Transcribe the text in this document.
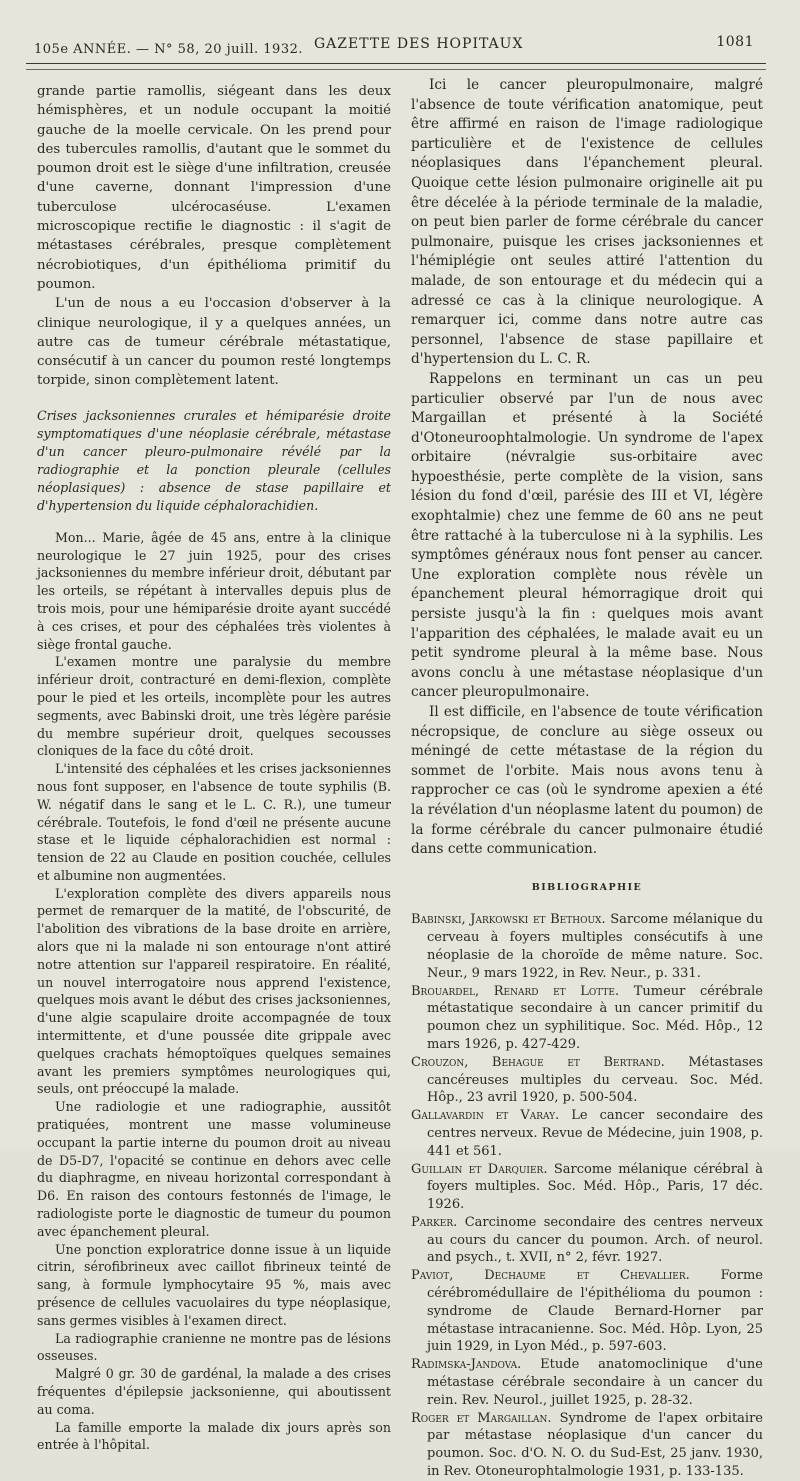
105e ANNÉE. — N° 58, 20 juill. 1932. GAZETTE DES HOPITAUX	1081

grande partie ramollis, siégeant dans les deux hémisphères, et un nodule occupant la moitié gauche de la moelle cervicale. On les prend pour des tubercules ramollis, d'autant que le sommet du poumon droit est le siège d'une infiltration, creusée d'une caverne, donnant l'impression d'une tuberculose ulcérocaséuse. L'examen microscopique rectifie le diagnostic : il s'agit de métastases cérébrales, presque complètement nécrobiotiques, d'un épithélioma primitif du poumon.

L'un de nous a eu l'occasion d'observer à la clinique neurologique, il y a quelques années, un autre cas de tumeur cérébrale métastatique, consécutif à un cancer du poumon resté longtemps torpide, sinon complètement latent.

Crises jacksoniennes crurales et hémiparésie droite symptomatiques d'une néoplasie cérébrale, métastase d'un cancer pleuro-pulmonaire révélé par la radiographie et la ponction pleurale (cellules néoplasiques) : absence de stase papillaire et d'hypertension du liquide céphalorachidien.

Mon... Marie, âgée de 45 ans, entre à la clinique neurologique le 27 juin 1925, pour des crises jacksoniennes du membre inférieur droit, débutant par les orteils, se répétant à intervalles depuis plus de trois mois, pour une hémiparésie droite ayant succédé à ces crises, et pour des céphalées très violentes à siège frontal gauche.

L'examen montre une paralysie du membre inférieur droit, contracturé en demi-flexion, complète pour le pied et les orteils, incomplète pour les autres segments, avec Babinski droit, une très légère parésie du membre supérieur droit, quelques secousses cloniques de la face du côté droit.

L'intensité des céphalées et les crises jacksoniennes nous font supposer, en l'absence de toute syphilis (B. W. négatif dans le sang et le L. C. R.), une tumeur cérébrale. Toutefois, le fond d'œil ne présente aucune stase et le liquide céphalorachidien est normal : tension de 22 au Claude en position couchée, cellules et albumine non augmentées.

L'exploration complète des divers appareils nous permet de remarquer de la matité, de l'obscurité, de l'abolition des vibrations de la base droite en arrière, alors que ni la malade ni son entourage n'ont attiré notre attention sur l'appareil respiratoire. En réalité, un nouvel interrogatoire nous apprend l'existence, quelques mois avant le début des crises jacksoniennes, d'une algie scapulaire droite accompagnée de toux intermittente, et d'une poussée dite grippale avec quelques crachats hémoptoïques quelques semaines avant les premiers symptômes neurologiques qui, seuls, ont préoccupé la malade.

Une radiologie et une radiographie, aussitôt pratiquées, montrent une masse volumineuse occupant la partie interne du poumon droit au niveau de D5-D7, l'opacité se continue en dehors avec celle du diaphragme, en niveau horizontal correspondant à D6. En raison des contours festonnés de l'image, le radiologiste porte le diagnostic de tumeur du poumon avec épanchement pleural.

Une ponction exploratrice donne issue à un liquide citrin, sérofibrineux avec caillot fibrineux teinté de sang, à formule lymphocytaire 95 %, mais avec présence de cellules vacuolaires du type néoplasique, sans germes visibles à l'examen direct.

La radiographie cranienne ne montre pas de lésions osseuses.

Malgré 0 gr. 30 de gardénal, la malade a des crises fréquentes d'épilepsie jacksonienne, qui aboutissent au coma.

La famille emporte la malade dix jours après son entrée à l'hôpital.

Ici le cancer pleuropulmonaire, malgré l'absence de toute vérification anatomique, peut être affirmé en raison de l'image radiologique particulière et de l'existence de cellules néoplasiques dans l'épanchement pleural. Quoique cette lésion pulmonaire originelle ait pu être décelée à la période terminale de la maladie, on peut bien parler de forme cérébrale du cancer pulmonaire, puisque les crises jacksoniennes et l'hémiplégie ont seules attiré l'attention du malade, de son entourage et du médecin qui a adressé ce cas à la clinique neurologique. A remarquer ici, comme dans notre autre cas personnel, l'absence de stase papillaire et d'hypertension du L. C. R.

Rappelons en terminant un cas un peu particulier observé par l'un de nous avec Margaillan et présenté à la Société d'Otoneuroophtalmologie. Un syndrome de l'apex orbitaire (névralgie sus-orbitaire avec hypoesthésie, perte complète de la vision, sans lésion du fond d'œil, parésie des III et VI, légère exophtalmie) chez une femme de 60 ans ne peut être rattaché à la tuberculose ni à la syphilis. Les symptômes généraux nous font penser au cancer. Une exploration complète nous révèle un épanchement pleural hémorragique droit qui persiste jusqu'à la fin : quelques mois avant l'apparition des céphalées, le malade avait eu un petit syndrome pleural à la même base. Nous avons conclu à une métastase néoplasique d'un cancer pleuropulmonaire.

Il est difficile, en l'absence de toute vérification nécropsique, de conclure au siège osseux ou méningé de cette métastase de la région du sommet de l'orbite. Mais nous avons tenu à rapprocher ce cas (où le syndrome apexien a été la révélation d'un néoplasme latent du poumon) de la forme cérébrale du cancer pulmonaire étudié dans cette communication.

BIBLIOGRAPHIE

Babinski, Jarkowski et Bethoux. Sarcome mélanique du cerveau à foyers multiples consécutifs à une néoplasie de la choroïde de même nature. Soc. Neur., 9 mars 1922, in Rev. Neur., p. 331.

Brouardel, Renard et Lotte. Tumeur cérébrale métastatique secondaire à un cancer primitif du poumon chez un syphilitique. Soc. Méd. Hôp., 12 mars 1926, p. 427-429.

Crouzon, Behague et Bertrand. Métastases cancéreuses multiples du cerveau. Soc. Méd. Hôp., 23 avril 1920, p. 500-504.

Gallavardin et Varay. Le cancer secondaire des centres nerveux. Revue de Médecine, juin 1908, p. 441 et 561.

Guillain et Darquier. Sarcome mélanique cérébral à foyers multiples. Soc. Méd. Hôp., Paris, 17 déc. 1926.

Parker. Carcinome secondaire des centres nerveux au cours du cancer du poumon. Arch. of neurol. and psych., t. XVII, n° 2, févr. 1927.

Paviot, Dechaume et Chevallier. Forme cérébromédullaire de l'épithélioma du poumon : syndrome de Claude Bernard-Horner par métastase intracanienne. Soc. Méd. Hôp. Lyon, 25 juin 1929, in Lyon Méd., p. 597-603.

Radimska-Jandova. Etude anatomoclinique d'une métastase cérébrale secondaire à un cancer du rein. Rev. Neurol., juillet 1925, p. 28-32.

Roger et Margaillan. Syndrome de l'apex orbitaire par métastase néoplasique d'un cancer du poumon. Soc. d'O. N. O. du Sud-Est, 25 janv. 1930, in Rev. Otoneurophtalmologie 1931, p. 133-135.
